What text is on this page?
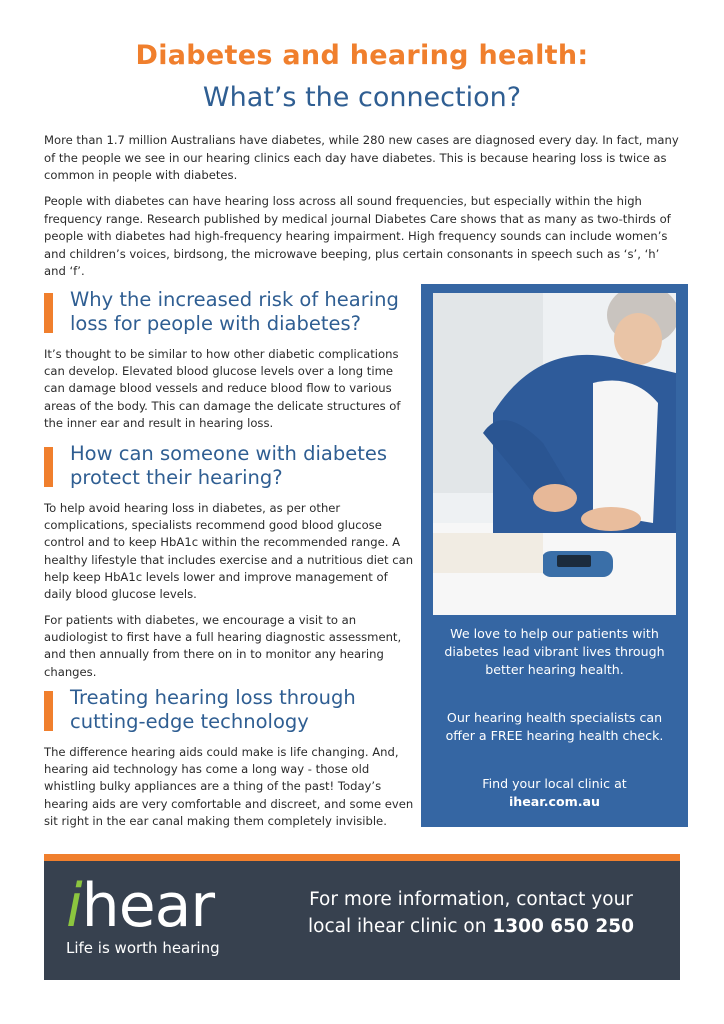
Diabetes and hearing health:
What’s the connection?

More than 1.7 million Australians have diabetes, while 280 new cases are diagnosed every day. In fact, many of the people we see in our hearing clinics each day have diabetes. This is because hearing loss is twice as common in people with diabetes.

People with diabetes can have hearing loss across all sound frequencies, but especially within the high frequency range. Research published by medical journal Diabetes Care shows that as many as two-thirds of people with diabetes had high-frequency hearing impairment. High frequency sounds can include women’s and children’s voices, birdsong, the microwave beeping, plus certain consonants in speech such as ‘s’, ‘h’ and ‘f’.

Why the increased risk of hearing
loss for people with diabetes?

It’s thought to be similar to how other diabetic complications can develop. Elevated blood glucose levels over a long time can damage blood vessels and reduce blood flow to various areas of the body. This can damage the delicate structures of the inner ear and result in hearing loss.

How can someone with diabetes
protect their hearing?

To help avoid hearing loss in diabetes, as per other complications, specialists recommend good blood glucose control and to keep HbA1c within the recommended range. A healthy lifestyle that includes exercise and a nutritious diet can help keep HbA1c levels lower and improve management of daily blood glucose levels.

For patients with diabetes, we encourage a visit to an audiologist to first have a full hearing diagnostic assessment, and then annually from there on in to monitor any hearing changes.

Treating hearing loss through
cutting-edge technology

The difference hearing aids could make is life changing. And, hearing aid technology has come a long way - those old whistling bulky appliances are a thing of the past! Today’s hearing aids are very comfortable and discreet, and some even sit right in the ear canal making them completely invisible.

We love to help our patients with diabetes lead vibrant lives through better hearing health.

Our hearing health specialists can offer a FREE hearing health check.

Find your local clinic at
ihear.com.au

ihear
Life is worth hearing

For more information, contact your
local ihear clinic on 1300 650 250
